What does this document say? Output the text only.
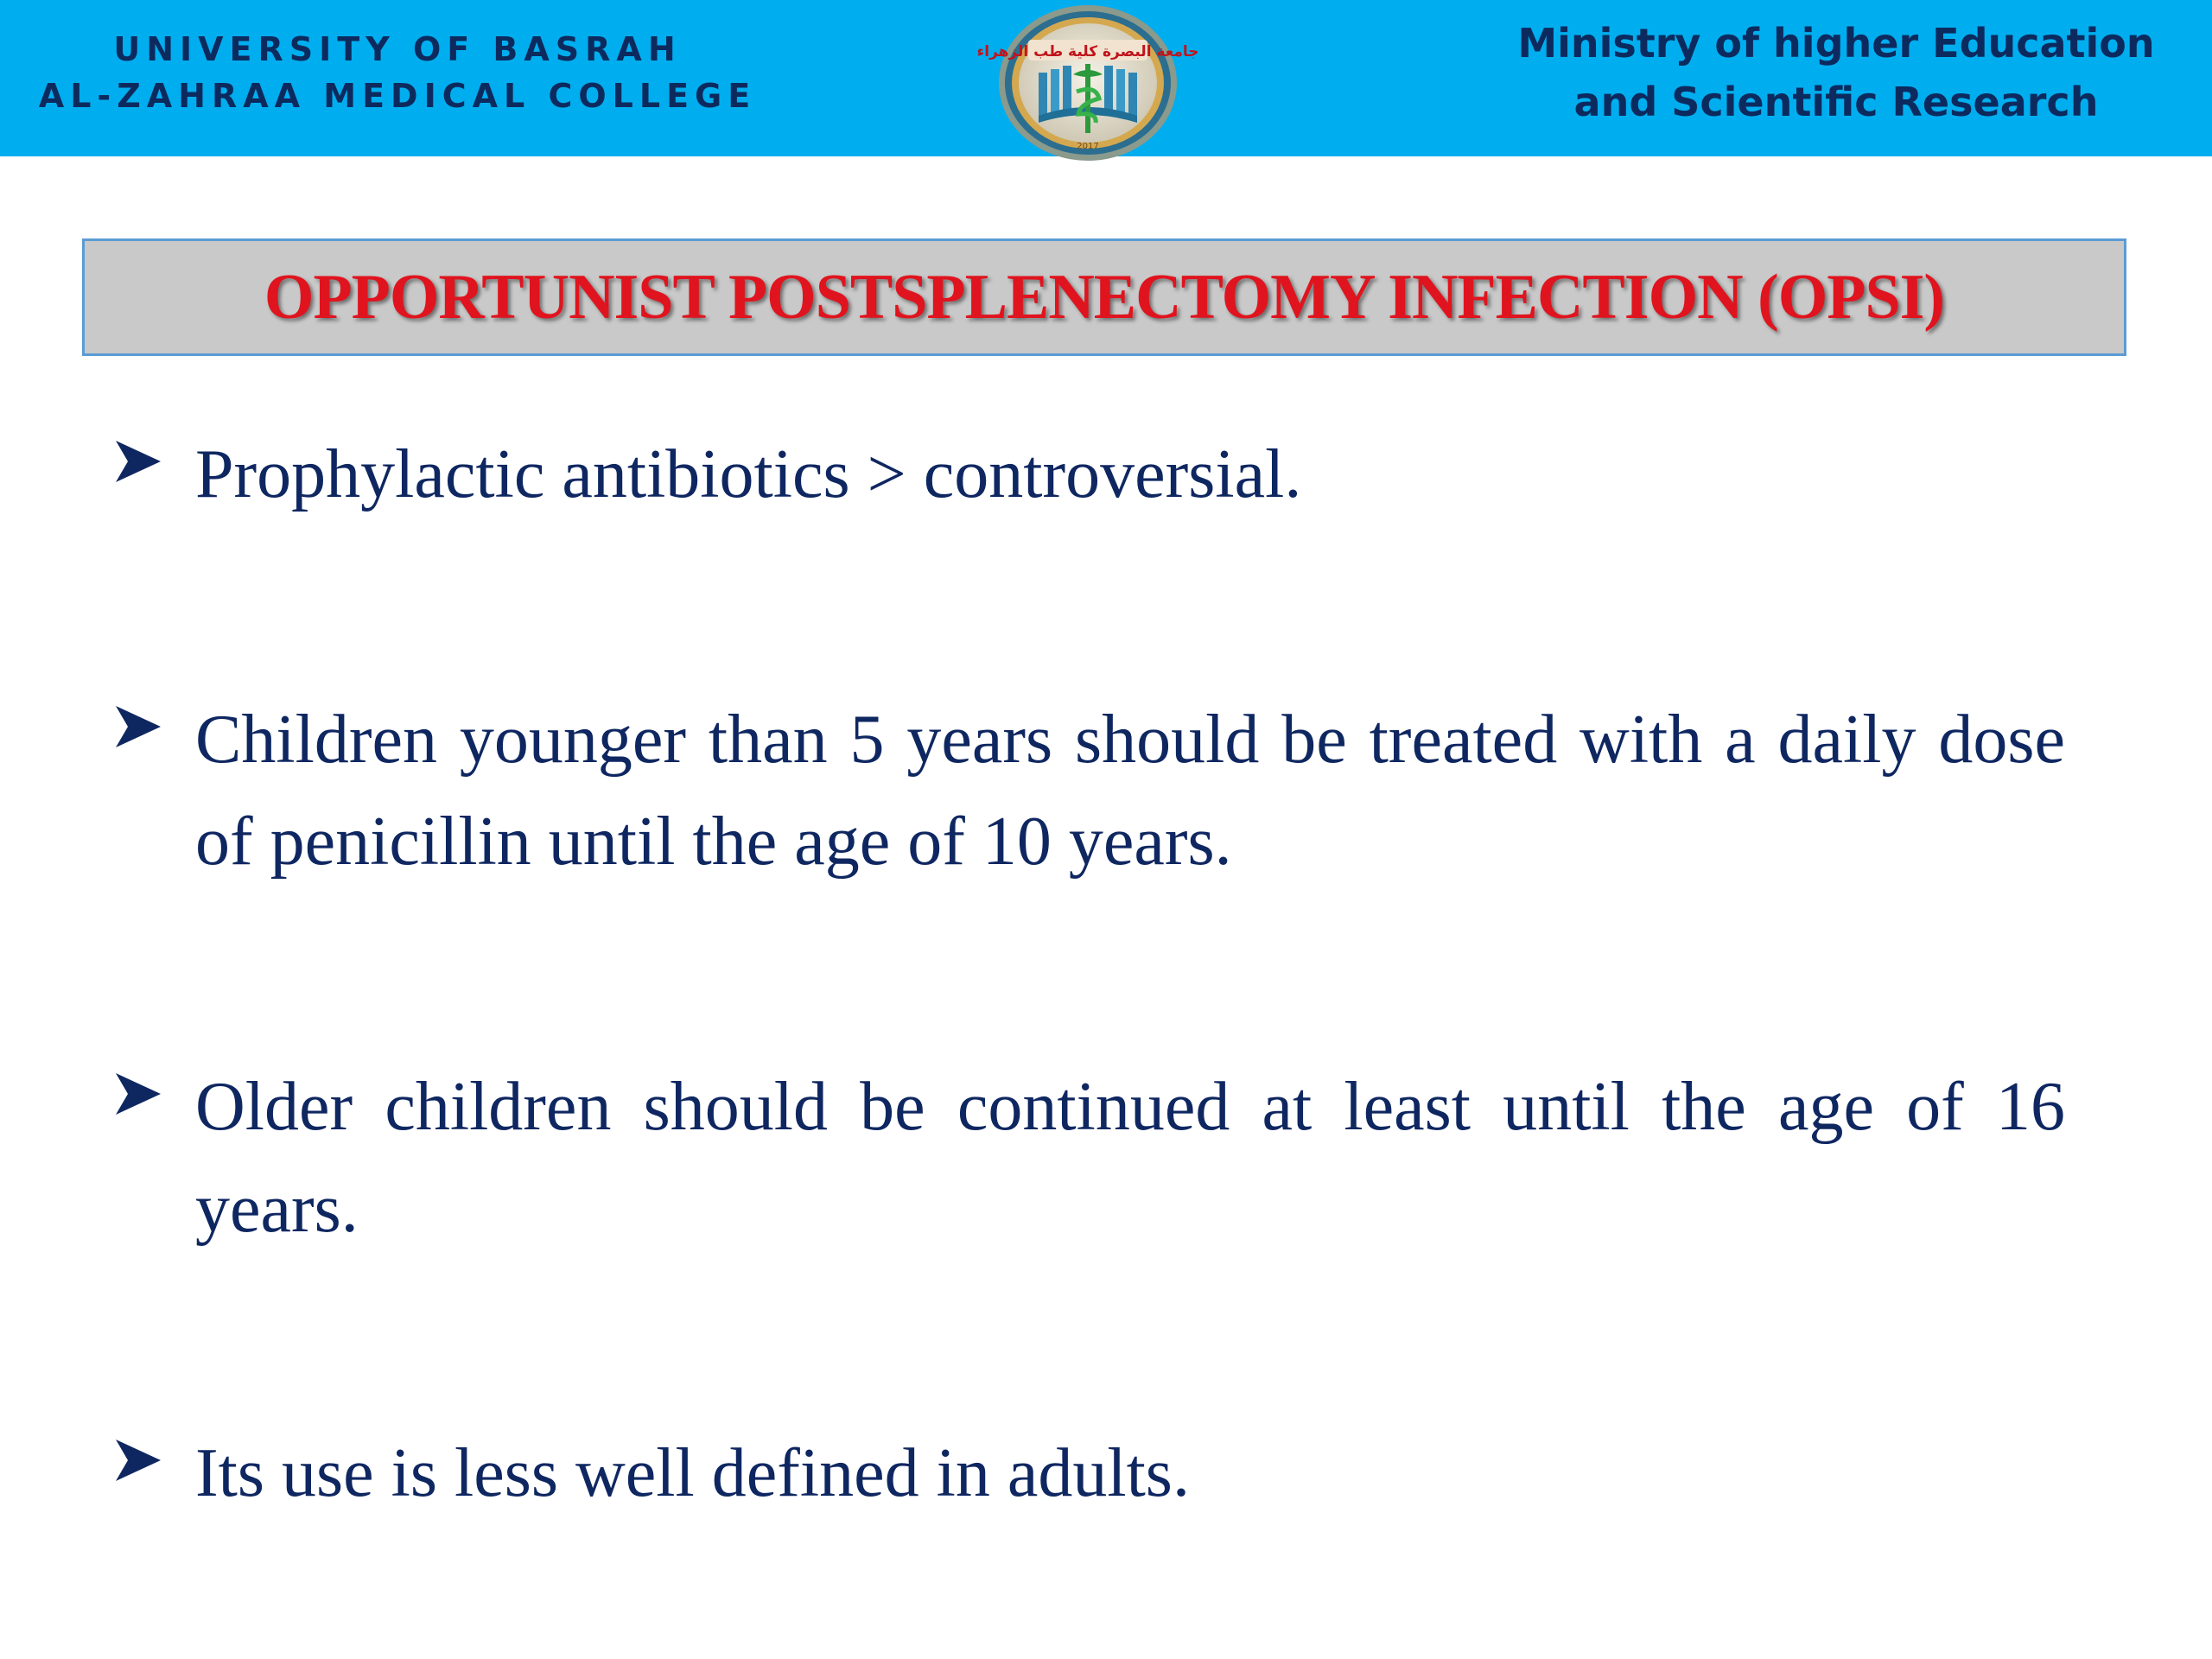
UNIVERSITY OF BASRAH
AL-ZAHRAA MEDICAL COLLEGE
جامعة البصرة كلية طب الزهراء
2017
Ministry of higher Education
and Scientific Research
OPPORTUNIST POSTSPLENECTOMY INFECTION (OPSI)
Prophylactic antibiotics > controversial.
Children younger than 5 years should be treated with a daily dose of penicillin until the age of 10 years.
Older children should be continued at least until the age of 16 years.
Its use is less well defined in adults.
